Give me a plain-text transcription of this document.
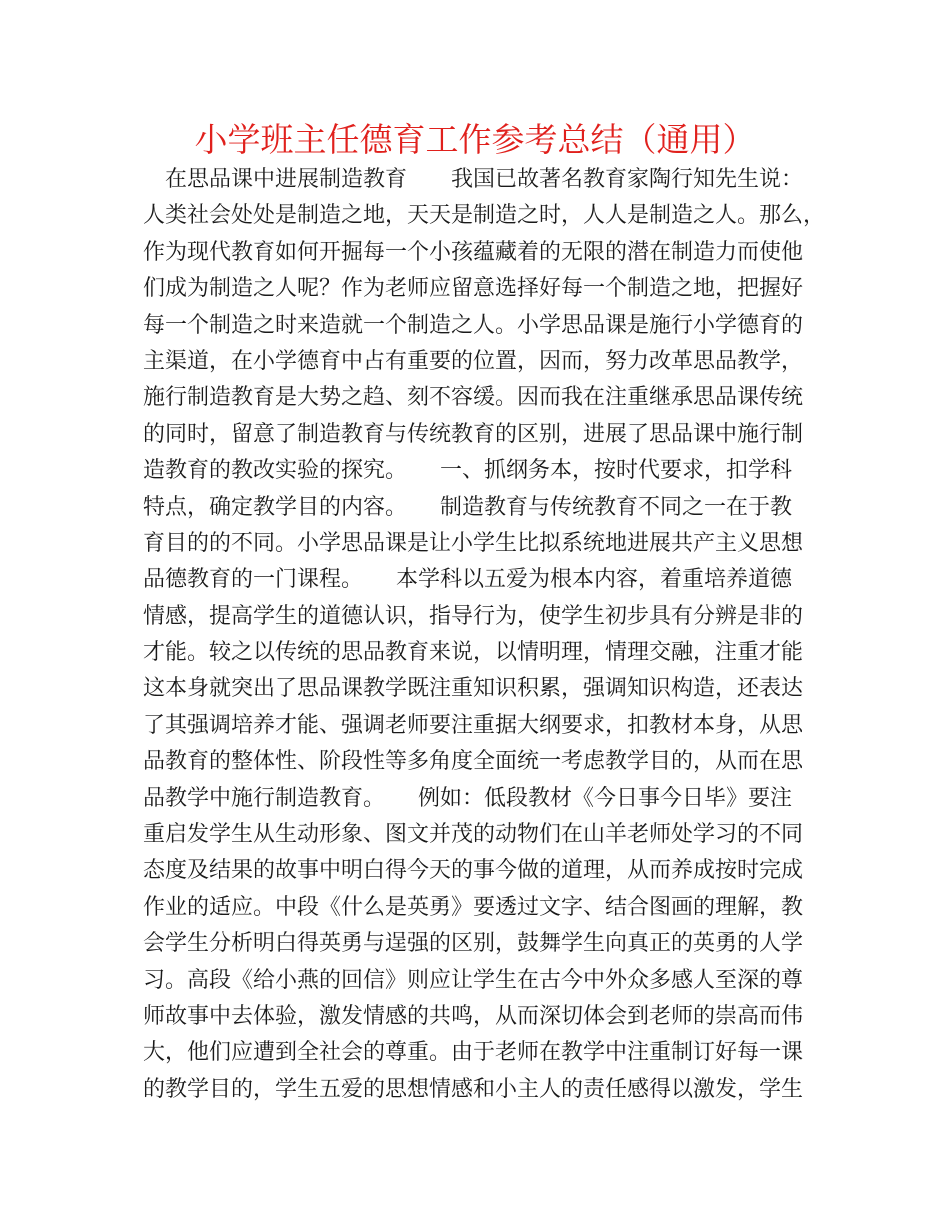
小学班主任德育工作参考总结（通用）
　在思品课中进展制造教育　　我国已故著名教育家陶行知先生说：
人类社会处处是制造之地，天天是制造之时，人人是制造之人。那么，
作为现代教育如何开掘每一个小孩蕴藏着的无限的潜在制造力而使他
们成为制造之人呢？作为老师应留意选择好每一个制造之地，把握好
每一个制造之时来造就一个制造之人。小学思品课是施行小学德育的
主渠道，在小学德育中占有重要的位置，因而，努力改革思品教学，
施行制造教育是大势之趋、刻不容缓。因而我在注重继承思品课传统
的同时，留意了制造教育与传统教育的区别，进展了思品课中施行制
造教育的教改实验的探究。　　一、抓纲务本，按时代要求，扣学科
特点，确定教学目的内容。　　制造教育与传统教育不同之一在于教
育目的的不同。小学思品课是让小学生比拟系统地进展共产主义思想
品德教育的一门课程。　　本学科以五爱为根本内容，着重培养道德
情感，提高学生的道德认识，指导行为，使学生初步具有分辨是非的
才能。较之以传统的思品教育来说，以情明理，情理交融，注重才能
这本身就突出了思品课教学既注重知识积累，强调知识构造，还表达
了其强调培养才能、强调老师要注重据大纲要求，扣教材本身，从思
品教育的整体性、阶段性等多角度全面统一考虑教学目的，从而在思
品教学中施行制造教育。　　例如：低段教材《今日事今日毕》要注
重启发学生从生动形象、图文并茂的动物们在山羊老师处学习的不同
态度及结果的故事中明白得今天的事今做的道理，从而养成按时完成
作业的适应。中段《什么是英勇》要透过文字、结合图画的理解，教
会学生分析明白得英勇与逞强的区别，鼓舞学生向真正的英勇的人学
习。高段《给小燕的回信》则应让学生在古今中外众多感人至深的尊
师故事中去体验，激发情感的共鸣，从而深切体会到老师的崇高而伟
大，他们应遭到全社会的尊重。由于老师在教学中注重制订好每一课
的教学目的，学生五爱的思想情感和小主人的责任感得以激发，学生
